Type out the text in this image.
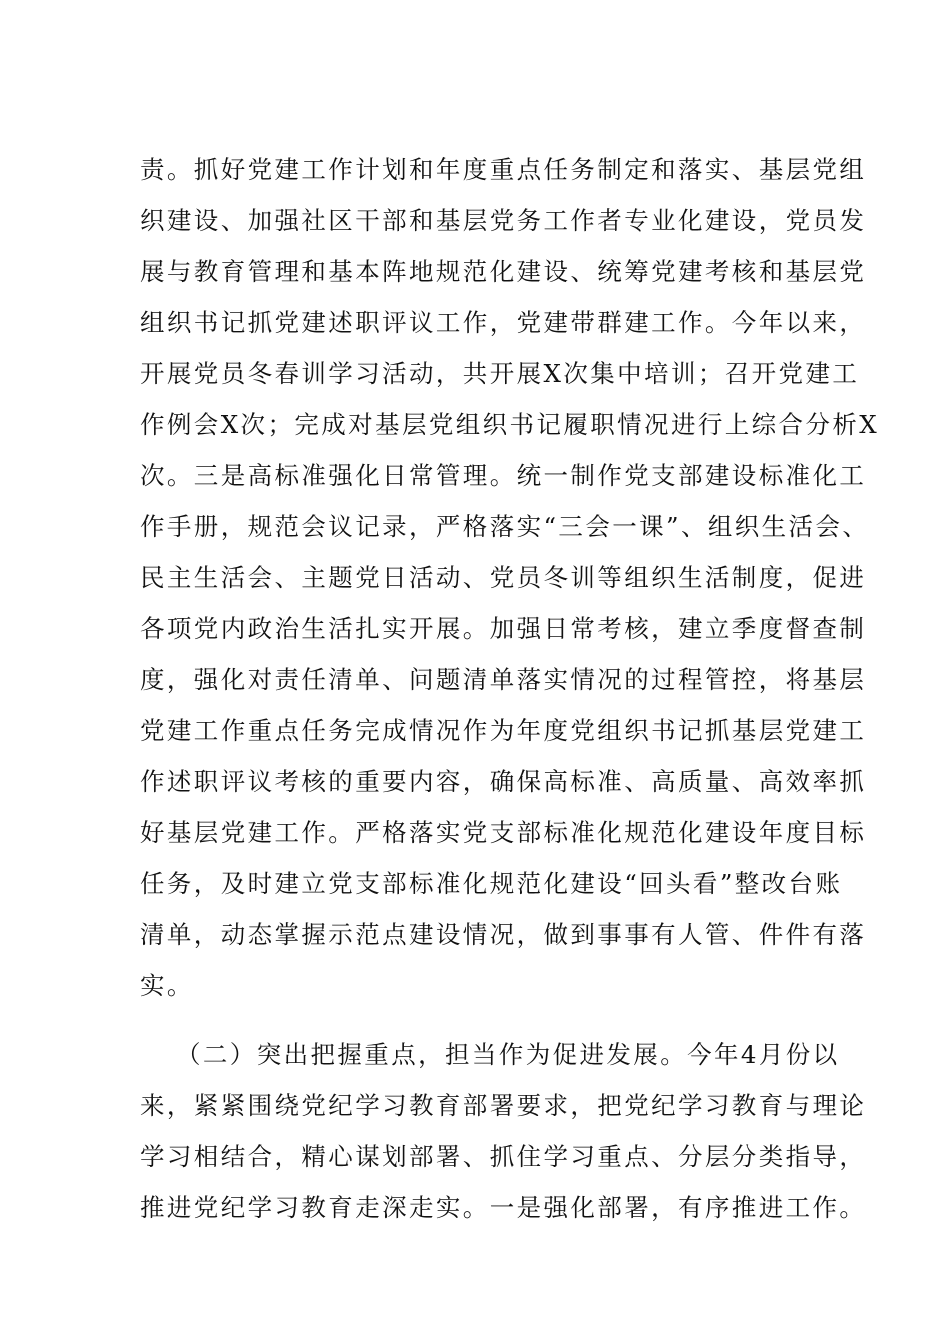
责。抓好党建工作计划和年度重点任务制定和落实、基层党组
织建设、加强社区干部和基层党务工作者专业化建设，党员发
展与教育管理和基本阵地规范化建设、统筹党建考核和基层党
组织书记抓党建述职评议工作，党建带群建工作。今年以来，
开展党员冬春训学习活动，共开展X次集中培训；召开党建工
作例会X次；完成对基层党组织书记履职情况进行上综合分析X
次。三是高标准强化日常管理。统一制作党支部建设标准化工
作手册，规范会议记录，严格落实“三会一课”、组织生活会、
民主生活会、主题党日活动、党员冬训等组织生活制度，促进
各项党内政治生活扎实开展。加强日常考核，建立季度督查制
度，强化对责任清单、问题清单落实情况的过程管控，将基层
党建工作重点任务完成情况作为年度党组织书记抓基层党建工
作述职评议考核的重要内容，确保高标准、高质量、高效率抓
好基层党建工作。严格落实党支部标准化规范化建设年度目标
任务，及时建立党支部标准化规范化建设“回头看”整改台账
清单，动态掌握示范点建设情况，做到事事有人管、件件有落
实。
（二）突出把握重点，担当作为促进发展。今年4月份以
来，紧紧围绕党纪学习教育部署要求，把党纪学习教育与理论
学习相结合，精心谋划部署、抓住学习重点、分层分类指导，
推进党纪学习教育走深走实。一是强化部署，有序推进工作。
